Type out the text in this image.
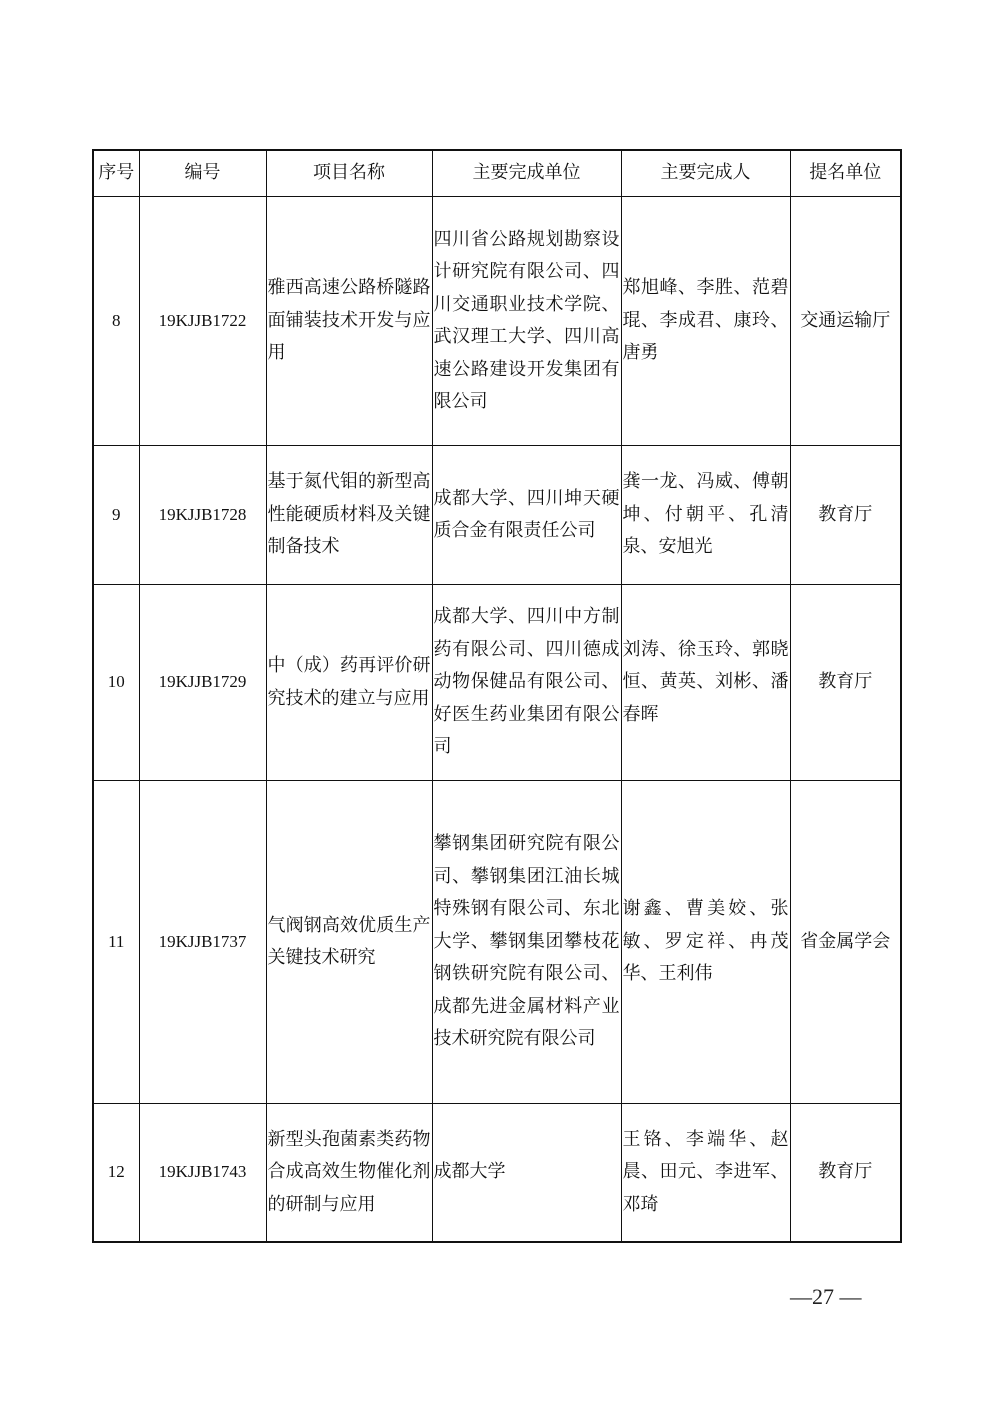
序号	编号	项目名称	主要完成单位	主要完成人	提名单位
8	19KJJB1722	雅西高速公路桥隧路面铺装技术开发与应用	四川省公路规划勘察设计研究院有限公司、四川交通职业技术学院、武汉理工大学、四川高速公路建设开发集团有限公司	郑旭峰、李胜、范碧琨、李成君、康玲、唐勇	交通运输厅
9	19KJJB1728	基于氮代钼的新型高性能硬质材料及关键制备技术	成都大学、四川坤天硬质合金有限责任公司	龚一龙、冯威、傅朝坤、付朝平、孔清泉、安旭光	教育厅
10	19KJJB1729	中（成）药再评价研究技术的建立与应用	成都大学、四川中方制药有限公司、四川德成动物保健品有限公司、好医生药业集团有限公司	刘涛、徐玉玲、郭晓恒、黄英、刘彬、潘春晖	教育厅
11	19KJJB1737	气阀钢高效优质生产关键技术研究	攀钢集团研究院有限公司、攀钢集团江油长城特殊钢有限公司、东北大学、攀钢集团攀枝花钢铁研究院有限公司、成都先进金属材料产业技术研究院有限公司	谢鑫、曹美姣、张敏、罗定祥、冉茂华、王利伟	省金属学会
12	19KJJB1743	新型头孢菌素类药物合成高效生物催化剂的研制与应用	成都大学	王铬、李端华、赵晨、田元、李进军、邓琦	教育厅
—27 —
